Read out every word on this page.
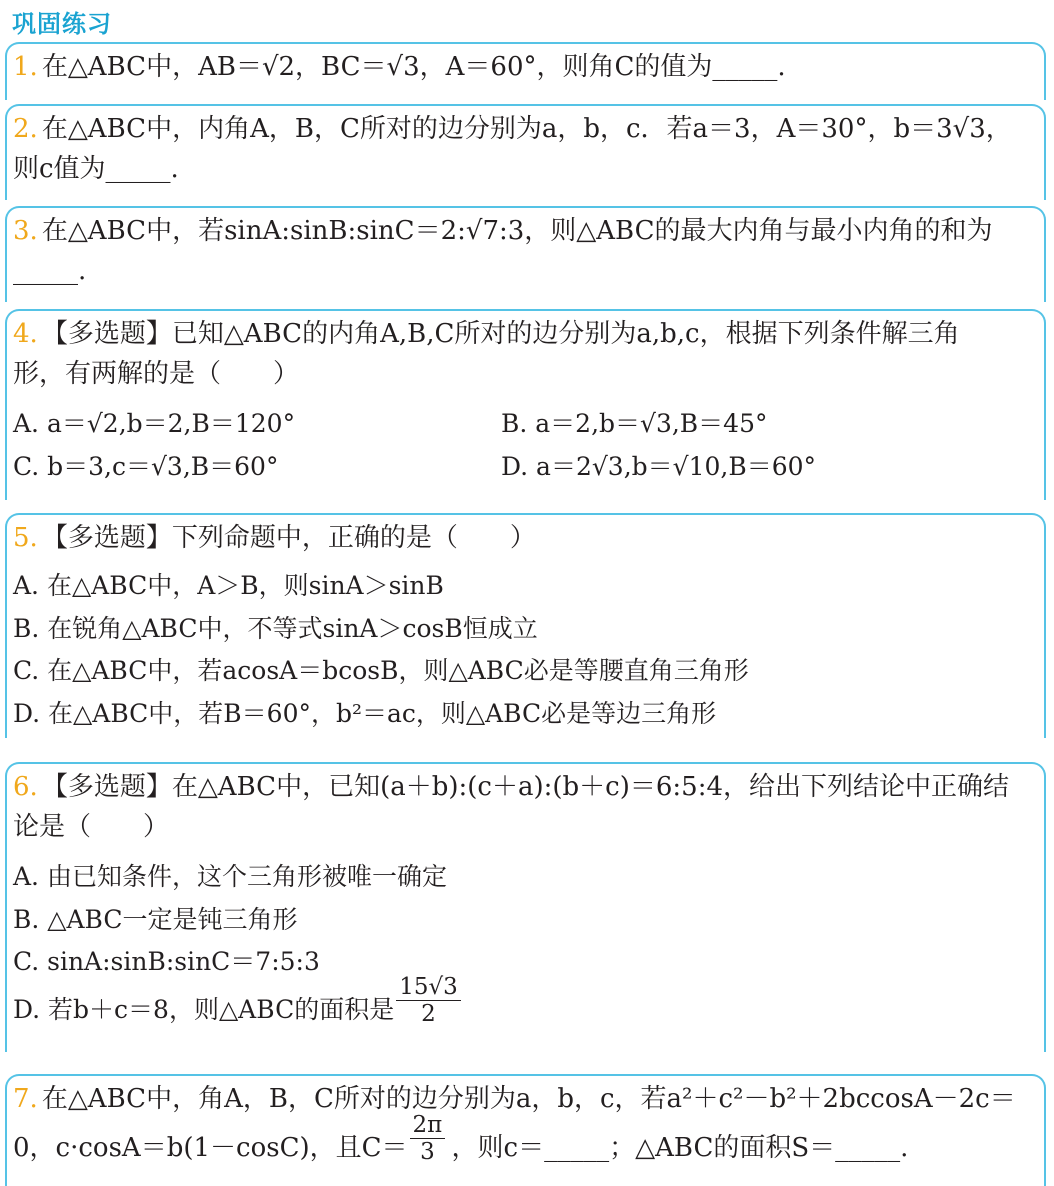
巩固练习
1. 在△ABC中，AB＝√2，BC＝√3，A＝60°，则角C的值为_____.
2. 在△ABC中，内角A，B，C所对的边分别为a，b，c．若a＝3，A＝30°，b＝3√3，
则c值为_____.
3. 在△ABC中，若sinA:sinB:sinC＝2:√7:3，则△ABC的最大内角与最小内角的和为
_____.
4. 【多选题】已知△ABC的内角A,B,C所对的边分别为a,b,c，根据下列条件解三角
形，有两解的是（　　）
A. a＝√2,b＝2,B＝120°	B. a＝2,b＝√3,B＝45°
C. b＝3,c＝√3,B＝60°	D. a＝2√3,b＝√10,B＝60°
5. 【多选题】下列命题中，正确的是（　　）
A. 在△ABC中，A＞B，则sinA＞sinB
B. 在锐角△ABC中，不等式sinA＞cosB恒成立
C. 在△ABC中，若acosA＝bcosB，则△ABC必是等腰直角三角形
D. 在△ABC中，若B＝60°，b²＝ac，则△ABC必是等边三角形
6. 【多选题】在△ABC中，已知(a＋b):(c＋a):(b＋c)＝6:5:4，给出下列结论中正确结
论是（　　）
A. 由已知条件，这个三角形被唯一确定
B. △ABC一定是钝三角形
C. sinA:sinB:sinC＝7:5:3
D. 若b＋c＝8，则△ABC的面积是 $\frac{15√3}{2}$
7. 在△ABC中，角A，B，C所对的边分别为a，b，c，若a²＋c²－b²＋2bccosA－2c＝
0，c·cosA＝b(1－cosC)，且$C= \frac{2\pi}{3}$ ，则c＝_____；△ABC的面积S＝_____.
